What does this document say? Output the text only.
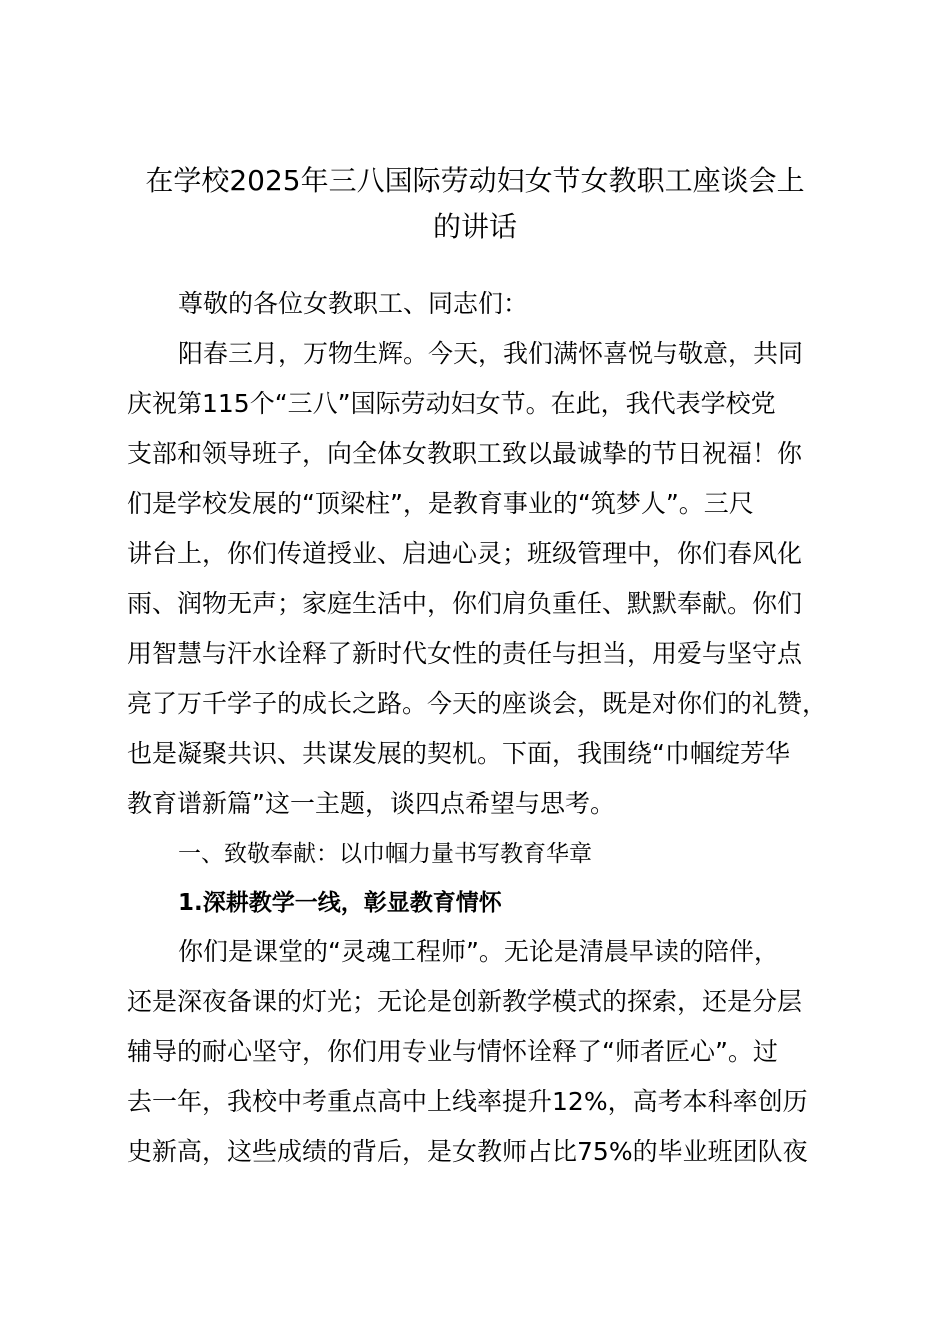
在学校2025年三八国际劳动妇女节女教职工座谈会上
的讲话

尊敬的各位女教职工、同志们：

阳春三月，万物生辉。今天，我们满怀喜悦与敬意，共同

庆祝第115个“三八”国际劳动妇女节。在此，我代表学校党

支部和领导班子，向全体女教职工致以最诚挚的节日祝福！你

们是学校发展的“顶梁柱”，是教育事业的“筑梦人”。三尺

讲台上，你们传道授业、启迪心灵；班级管理中，你们春风化

雨、润物无声；家庭生活中，你们肩负重任、默默奉献。你们

用智慧与汗水诠释了新时代女性的责任与担当，用爱与坚守点

亮了万千学子的成长之路。今天的座谈会，既是对你们的礼赞，

也是凝聚共识、共谋发展的契机。下面，我围绕“巾帼绽芳华

教育谱新篇”这一主题，谈四点希望与思考。

一、致敬奉献：以巾帼力量书写教育华章

1.深耕教学一线，彰显教育情怀

你们是课堂的“灵魂工程师”。无论是清晨早读的陪伴，

还是深夜备课的灯光；无论是创新教学模式的探索，还是分层

辅导的耐心坚守，你们用专业与情怀诠释了“师者匠心”。过

去一年，我校中考重点高中上线率提升12%，高考本科率创历

史新高，这些成绩的背后，是女教师占比75%的毕业班团队夜
